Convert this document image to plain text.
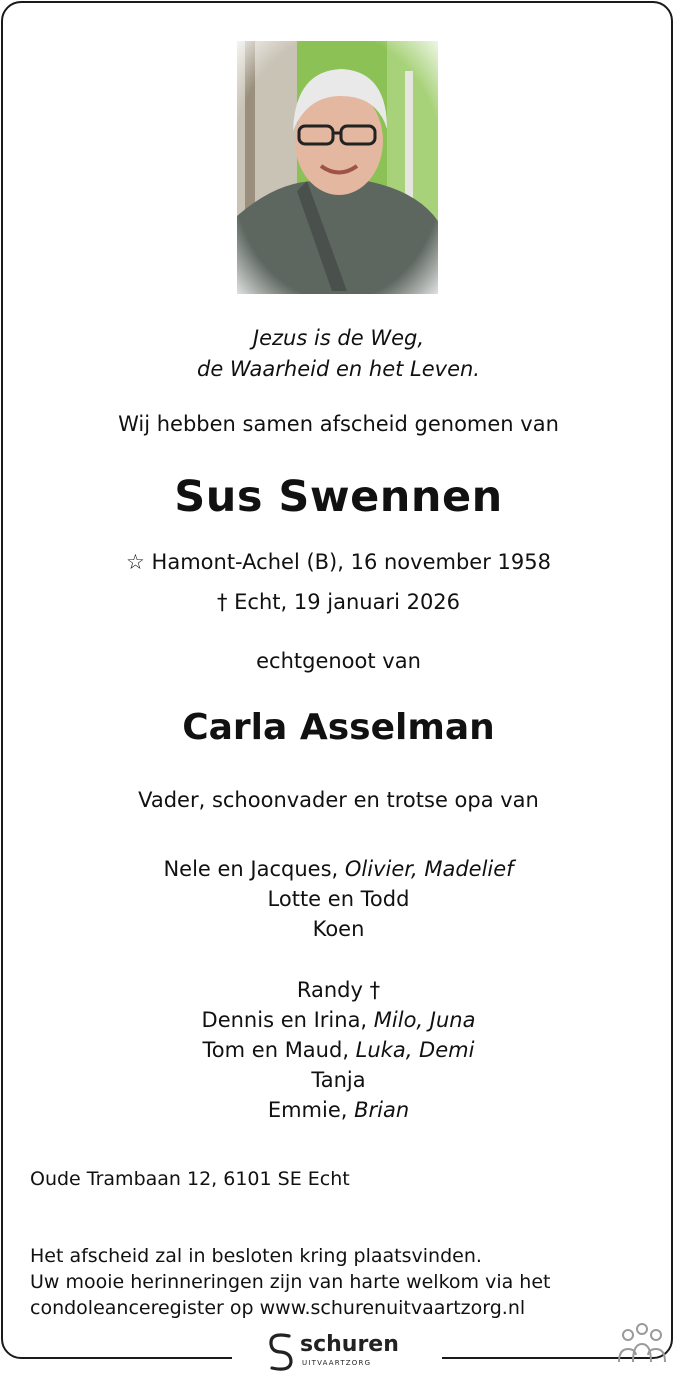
Jezus is de Weg,
de Waarheid en het Leven.
Wij hebben samen afscheid genomen van
Sus Swennen
☆ Hamont-Achel (B), 16 november 1958
† Echt, 19 januari 2026
echtgenoot van
Carla Asselman
Vader, schoonvader en trotse opa van
Nele en Jacques, Olivier, Madelief
Lotte en Todd
Koen
Randy †
Dennis en Irina, Milo, Juna
Tom en Maud, Luka, Demi
Tanja
Emmie, Brian
Oude Trambaan 12, 6101 SE Echt
Het afscheid zal in besloten kring plaatsvinden.
Uw mooie herinneringen zijn van harte welkom via het
condoleanceregister op www.schurenuitvaartzorg.nl
schuren
UITVAARTZORG
